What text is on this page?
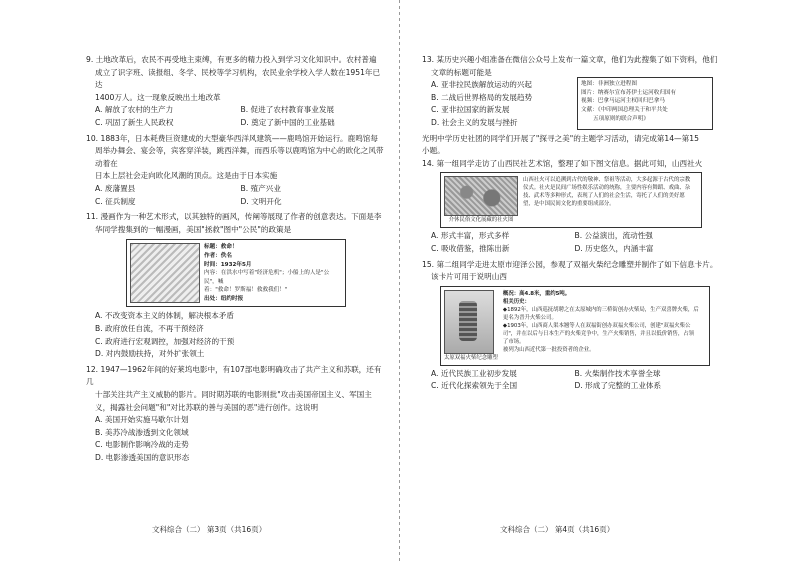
9. 土地改革后，农民不再受地主束缚，有更多的精力投入到学习文化知识中。农村普遍
成立了识字班、读报组、冬学、民校等学习机构，农民业余学校入学人数在1951年已达
1400万人。这一现象反映出土地改革
A. 解放了农村的生产力	B. 促进了农村教育事业发展
C. 巩固了新生人民政权	D. 奠定了新中国的工业基础
10. 1883年，日本耗费巨资建成的大型豪华西洋风建筑——鹿鸣馆开始运行。鹿鸣馆每
周举办舞会、宴会等，宾客穿洋装，跳西洋舞，而西乐等以鹿鸣馆为中心的欧化之风带动着在
日本上层社会走向欧化风潮的顶点。这是由于日本实施
A. 废藩置县	B. 殖产兴业
C. 征兵制度	D. 文明开化
11. 漫画作为一种艺术形式，以其独特的画风，传阐等展现了作者的创意表达。下面是李
华同学搜集到的一幅漫画，美国"拯救"图中"公民"的政策是
标题：救命！
作者：佚名
时间：1932年5月
内容：在洪水中写着"经济危机"；小船上的人是"公民"，喊
着："救命！罗斯福！救救我们！"
出处：纽约时报
A. 不改变资本主义的体制，解决根本矛盾
B. 政府放任自流，不再干预经济
C. 政府进行宏观调控，加强对经济的干预
D. 对内鼓励扶持，对外扩张领土
12. 1947—1962年间的好莱坞电影中，有107部电影明确攻击了共产主义和苏联，还有几
十部关注共产主义威胁的影片。同时期苏联的电影则批"攻击美国帝国主义、军国主
义，揭露社会问题"和"对比苏联的善与美国的恶"进行创作。这说明
A. 美国开始实施马歇尔计划
B. 美苏冷战渗透到文化领域
C. 电影制作影响冷战的走势
D. 电影渗透美国的意识形态
文科综合（二） 第3页（共16页）
13. 某历史兴趣小组准备在微信公众号上发布一篇文章，他们为此搜集了如下资料，他们
文章的标题可能是
A. 亚非拉民族解放运动的兴起
B. 二战后世界格局的发展趋势
C. 亚非拉国家的新发展
D. 社会主义的发展与挫折
地图：非洲独立进程图
图片：纳赛尔宣布苏伊士运河收归国有
视频：巴拿马运河主权回归巴拿马
文献：《中印两国总理关于和平共处
五项原则的联合声明》
光明中学历史社团的同学们开展了"探寻之美"的主题学习活动，请完成第14—第15
小题。
14. 第一组同学走访了山西民社艺术馆，整理了如下图文信息。据此可知，山西社火
介休民俗文化展藏的社火图
山西社火可以追溯到古代的敬神、祭祖等活动，大多起源于古代的宗教仪式。社火是民间广场性娱乐活动的统称，主要内容有舞蹈、戏曲、杂技、武术等多种形式，表现了人们的社会生活，寄托了人们的美好愿望，是中国民间文化的重要组成部分。
A. 形式丰富，形式多样	B. 公益演出，流动性强
C. 吸收借鉴，推陈出新	D. 历史悠久，内涵丰富
15. 第二组同学走进太原市迎泽公园，参观了双福火柴纪念雕塑并制作了如下信息卡片。
该卡片可用于说明山西
太原双福火柴纪念雕塑
概况：高4.8米，重约5吨。
相关历史：
◆1892年，山西巡抚胡聘之在太原城内的三桥街创办火柴局，生产双喜牌火柴，后更名为晋升火柴公司。
◆1903年，山西商人渠本翘等人在双福街创办双福火柴公司，创建"双福火柴公司"，并在以后与日本生产的火柴竞争中，生产火柴销售，并且以低价销售，占领了市场。
被列为山西近代第一批投资者的企业。
A. 近代民族工业初步发展	B. 火柴制作技术享誉全球
C. 近代化探索领先于全国	D. 形成了完整的工业体系
文科综合（二） 第4页（共16页）
